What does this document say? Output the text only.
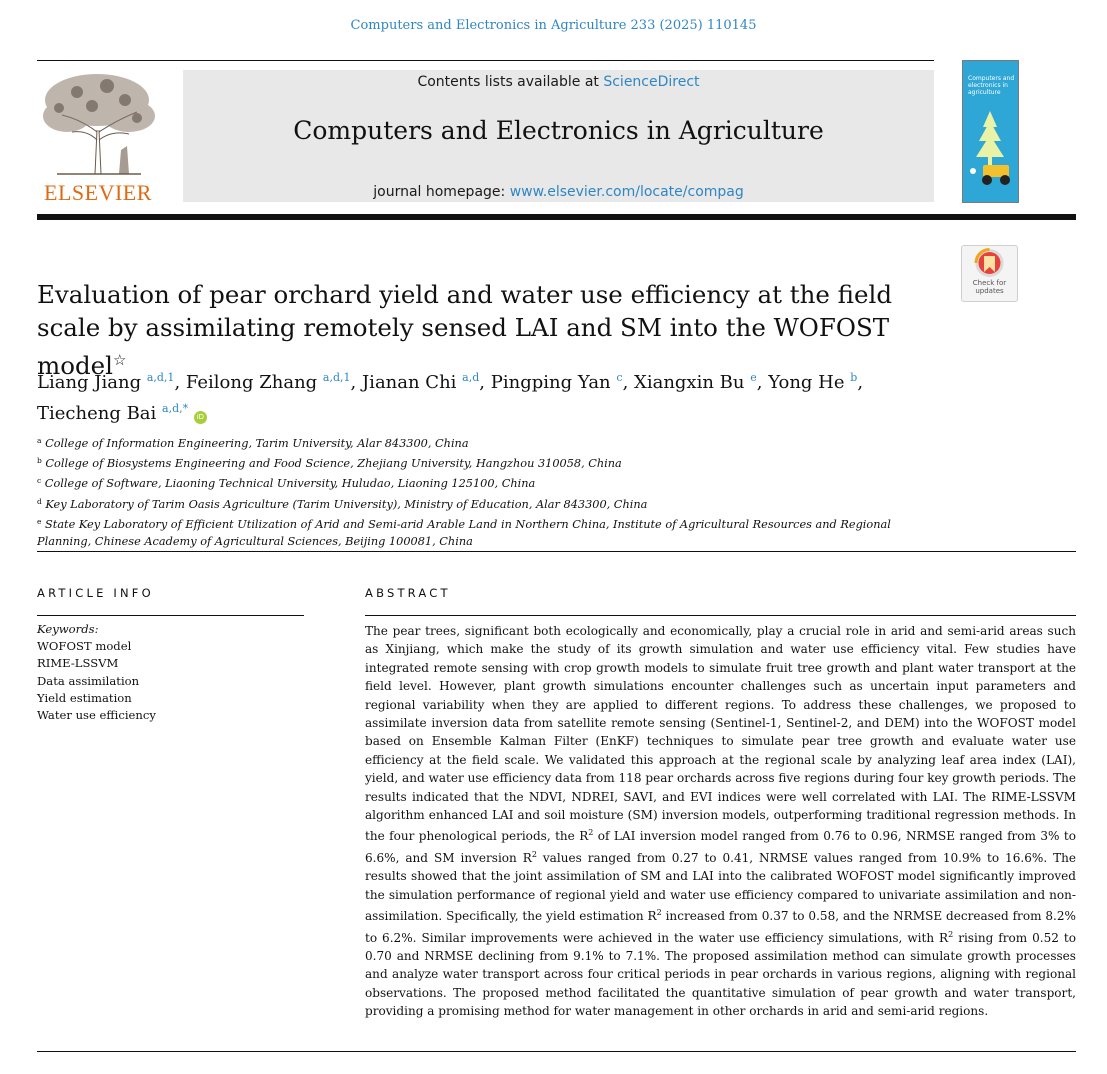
Computers and Electronics in Agriculture 233 (2025) 110145
ELSEVIER
Contents lists available at ScienceDirect
Computers and Electronics in Agriculture
journal homepage: www.elsevier.com/locate/compag
Computers and electronics in agriculture
Check for updates
Evaluation of pear orchard yield and water use efficiency at the field scale by assimilating remotely sensed LAI and SM into the WOFOST model☆
Liang Jiang $^{a,d,1}$, Feilong Zhang $^{a,d,1}$, Jianan Chi $^{a,d}$, Pingping Yan $^c$, Xiangxin Bu $^e$, Yong He $^b$,
Tiecheng Bai $^{a,d,*}$ iD
$^a$ College of Information Engineering, Tarim University, Alar 843300, China
$^b$ College of Biosystems Engineering and Food Science, Zhejiang University, Hangzhou 310058, China
$^c$ College of Software, Liaoning Technical University, Huludao, Liaoning 125100, China
$^d$ Key Laboratory of Tarim Oasis Agriculture (Tarim University), Ministry of Education, Alar 843300, China
$^e$ State Key Laboratory of Efficient Utilization of Arid and Semi-arid Arable Land in Northern China, Institute of Agricultural Resources and Regional Planning, Chinese Academy of Agricultural Sciences, Beijing 100081, China
ARTICLE INFO
Keywords:
WOFOST model
RIME-LSSVM
Data assimilation
Yield estimation
Water use efficiency
ABSTRACT
The pear trees, significant both ecologically and economically, play a crucial role in arid and semi-arid areas such as Xinjiang, which make the study of its growth simulation and water use efficiency vital. Few studies have integrated remote sensing with crop growth models to simulate fruit tree growth and plant water transport at the field level. However, plant growth simulations encounter challenges such as uncertain input parameters and regional variability when they are applied to different regions. To address these challenges, we proposed to assimilate inversion data from satellite remote sensing (Sentinel-1, Sentinel-2, and DEM) into the WOFOST model based on Ensemble Kalman Filter (EnKF) techniques to simulate pear tree growth and evaluate water use efficiency at the field scale. We validated this approach at the regional scale by analyzing leaf area index (LAI), yield, and water use efficiency data from 118 pear orchards across five regions during four key growth periods. The results indicated that the NDVI, NDREI, SAVI, and EVI indices were well correlated with LAI. The RIME-LSSVM algorithm enhanced LAI and soil moisture (SM) inversion models, outperforming traditional regression methods. In the four phenological periods, the $R^2$ of LAI inversion model ranged from 0.76 to 0.96, NRMSE ranged from 3% to 6.6%, and SM inversion $R^2$ values ranged from 0.27 to 0.41, NRMSE values ranged from 10.9% to 16.6%. The results showed that the joint assimilation of SM and LAI into the calibrated WOFOST model significantly improved the simulation performance of regional yield and water use efficiency compared to univariate assimilation and non-assimilation. Specifically, the yield estimation $R^2$ increased from 0.37 to 0.58, and the NRMSE decreased from 8.2% to 6.2%. Similar improvements were achieved in the water use efficiency simulations, with $R^2$ rising from 0.52 to 0.70 and NRMSE declining from 9.1% to 7.1%. The proposed assimilation method can simulate growth processes and analyze water transport across four critical periods in pear orchards in various regions, aligning with regional observations. The proposed method facilitated the quantitative simulation of pear growth and water transport, providing a promising method for water management in other orchards in arid and semi-arid regions.
